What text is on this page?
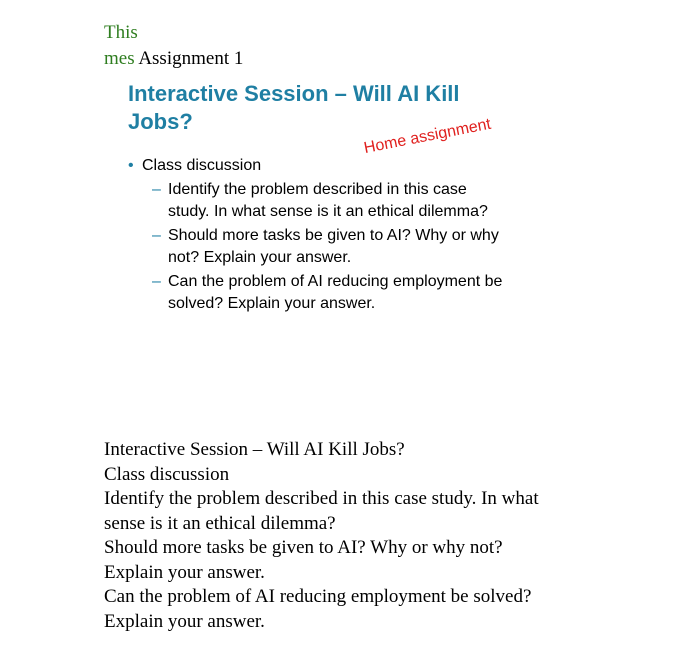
This
mes Assignment 1
Interactive Session – Will AI Kill
Jobs?	Home assignment
• Class discussion
– Identify the problem described in this case
study. In what sense is it an ethical dilemma?
– Should more tasks be given to AI? Why or why
not? Explain your answer.
– Can the problem of AI reducing employment be
solved? Explain your answer.
Interactive Session – Will AI Kill Jobs?
Class discussion
Identify the problem described in this case study. In what
sense is it an ethical dilemma?
Should more tasks be given to AI? Why or why not?
Explain your answer.
Can the problem of AI reducing employment be solved?
Explain your answer.
